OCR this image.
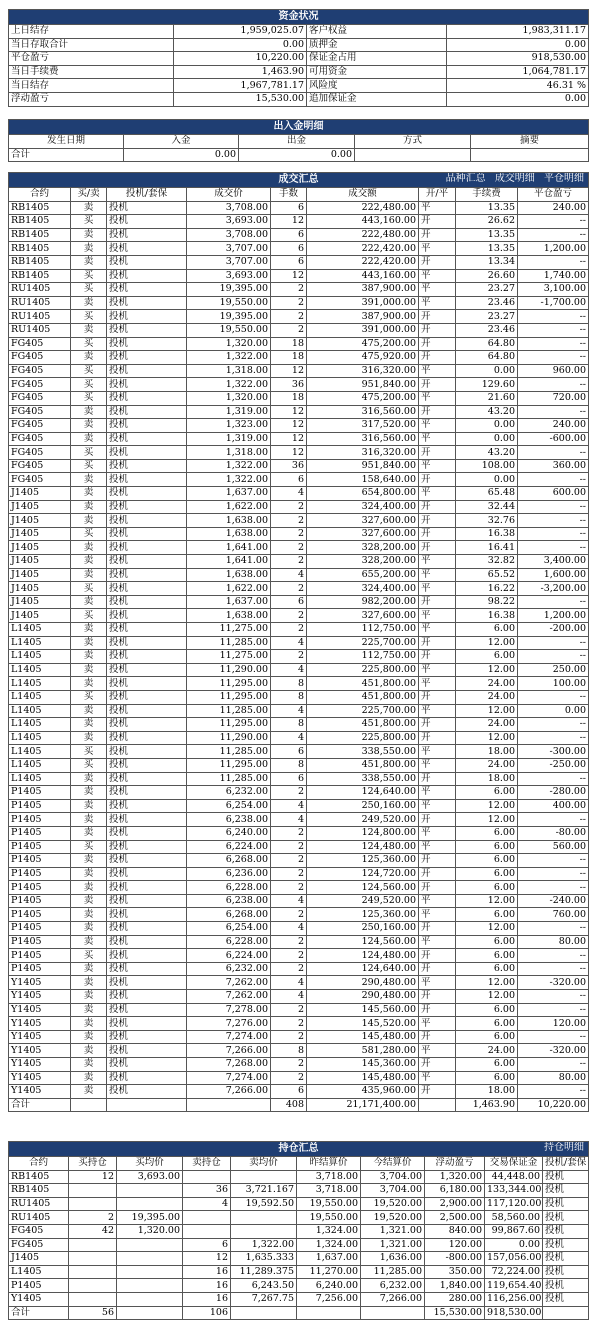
资金状况			
上日结存	1,959,025.07	客户权益	1,983,311.17
当日存取合计	0.00	质押金	0.00
平仓盈亏	10,220.00	保证金占用	918,530.00
当日手续费	1,463.90	可用资金	1,064,781.17
当日结存	1,967,781.17	风险度	46.31 %
浮动盈亏	15,530.00	追加保证金	0.00
出入金明细				
发生日期	入金	出金	方式	摘要
合计	0.00	0.00		
成交汇总 品种汇总 成交明细 平仓明细								

合约	买/卖	投机/套保	成交价	手数	成交额	开/平	手续费	平仓盈亏
RB1405	卖	投机	3,708.00	6	222,480.00	平	13.35	240.00
RB1405	买	投机	3,693.00	12	443,160.00	开	26.62	--
RB1405	卖	投机	3,708.00	6	222,480.00	开	13.35	--
RB1405	卖	投机	3,707.00	6	222,420.00	平	13.35	1,200.00
RB1405	卖	投机	3,707.00	6	222,420.00	开	13.34	--
RB1405	买	投机	3,693.00	12	443,160.00	平	26.60	1,740.00
RU1405	买	投机	19,395.00	2	387,900.00	平	23.27	3,100.00
RU1405	卖	投机	19,550.00	2	391,000.00	平	23.46	-1,700.00
RU1405	买	投机	19,395.00	2	387,900.00	开	23.27	--
RU1405	卖	投机	19,550.00	2	391,000.00	开	23.46	--
FG405	买	投机	1,320.00	18	475,200.00	开	64.80	--
FG405	卖	投机	1,322.00	18	475,920.00	开	64.80	--
FG405	买	投机	1,318.00	12	316,320.00	平	0.00	960.00
FG405	买	投机	1,322.00	36	951,840.00	开	129.60	--
FG405	买	投机	1,320.00	18	475,200.00	平	21.60	720.00
FG405	卖	投机	1,319.00	12	316,560.00	开	43.20	--
FG405	卖	投机	1,323.00	12	317,520.00	平	0.00	240.00
FG405	卖	投机	1,319.00	12	316,560.00	平	0.00	-600.00
FG405	买	投机	1,318.00	12	316,320.00	开	43.20	--
FG405	买	投机	1,322.00	36	951,840.00	平	108.00	360.00
FG405	卖	投机	1,322.00	6	158,640.00	开	0.00	--
J1405	卖	投机	1,637.00	4	654,800.00	平	65.48	600.00
J1405	卖	投机	1,622.00	2	324,400.00	开	32.44	--
J1405	卖	投机	1,638.00	2	327,600.00	开	32.76	--
J1405	买	投机	1,638.00	2	327,600.00	开	16.38	--
J1405	卖	投机	1,641.00	2	328,200.00	开	16.41	--
J1405	卖	投机	1,641.00	2	328,200.00	平	32.82	3,400.00
J1405	卖	投机	1,638.00	4	655,200.00	平	65.52	1,600.00
J1405	买	投机	1,622.00	2	324,400.00	平	16.22	-3,200.00
J1405	卖	投机	1,637.00	6	982,200.00	开	98.22	--
J1405	买	投机	1,638.00	2	327,600.00	平	16.38	1,200.00
L1405	卖	投机	11,275.00	2	112,750.00	平	6.00	-200.00
L1405	卖	投机	11,285.00	4	225,700.00	开	12.00	--
L1405	卖	投机	11,275.00	2	112,750.00	开	6.00	--
L1405	卖	投机	11,290.00	4	225,800.00	平	12.00	250.00
L1405	卖	投机	11,295.00	8	451,800.00	平	24.00	100.00
L1405	买	投机	11,295.00	8	451,800.00	开	24.00	--
L1405	卖	投机	11,285.00	4	225,700.00	平	12.00	0.00
L1405	卖	投机	11,295.00	8	451,800.00	开	24.00	--
L1405	卖	投机	11,290.00	4	225,800.00	开	12.00	--
L1405	买	投机	11,285.00	6	338,550.00	平	18.00	-300.00
L1405	买	投机	11,295.00	8	451,800.00	平	24.00	-250.00
L1405	卖	投机	11,285.00	6	338,550.00	开	18.00	--
P1405	卖	投机	6,232.00	2	124,640.00	平	6.00	-280.00
P1405	卖	投机	6,254.00	4	250,160.00	平	12.00	400.00
P1405	卖	投机	6,238.00	4	249,520.00	开	12.00	--
P1405	卖	投机	6,240.00	2	124,800.00	平	6.00	-80.00
P1405	买	投机	6,224.00	2	124,480.00	平	6.00	560.00
P1405	卖	投机	6,268.00	2	125,360.00	开	6.00	--
P1405	卖	投机	6,236.00	2	124,720.00	开	6.00	--
P1405	卖	投机	6,228.00	2	124,560.00	开	6.00	--
P1405	卖	投机	6,238.00	4	249,520.00	平	12.00	-240.00
P1405	卖	投机	6,268.00	2	125,360.00	平	6.00	760.00
P1405	卖	投机	6,254.00	4	250,160.00	开	12.00	--
P1405	卖	投机	6,228.00	2	124,560.00	平	6.00	80.00
P1405	买	投机	6,224.00	2	124,480.00	开	6.00	--
P1405	卖	投机	6,232.00	2	124,640.00	开	6.00	--
Y1405	卖	投机	7,262.00	4	290,480.00	平	12.00	-320.00
Y1405	卖	投机	7,262.00	4	290,480.00	开	12.00	--
Y1405	卖	投机	7,278.00	2	145,560.00	开	6.00	--
Y1405	卖	投机	7,276.00	2	145,520.00	平	6.00	120.00
Y1405	卖	投机	7,274.00	2	145,480.00	开	6.00	--
Y1405	卖	投机	7,266.00	8	581,280.00	平	24.00	-320.00
Y1405	卖	投机	7,268.00	2	145,360.00	开	6.00	--
Y1405	卖	投机	7,274.00	2	145,480.00	平	6.00	80.00
Y1405	卖	投机	7,266.00	6	435,960.00	开	18.00	--
合计				408	21,171,400.00		1,463.90	10,220.00
持仓汇总 持仓明细									

合约	买持仓	买均价	卖持仓	卖均价	昨结算价	今结算价	浮动盈亏	交易保证金	投机/套保
RB1405	12	3,693.00			3,718.00	3,704.00	1,320.00	44,448.00	投机
RB1405			36	3,721.167	3,718.00	3,704.00	6,180.00	133,344.00	投机
RU1405			4	19,592.50	19,550.00	19,520.00	2,900.00	117,120.00	投机
RU1405	2	19,395.00			19,550.00	19,520.00	2,500.00	58,560.00	投机
FG405	42	1,320.00			1,324.00	1,321.00	840.00	99,867.60	投机
FG405			6	1,322.00	1,324.00	1,321.00	120.00	0.00	投机
J1405			12	1,635.333	1,637.00	1,636.00	-800.00	157,056.00	投机
L1405			16	11,289.375	11,270.00	11,285.00	350.00	72,224.00	投机
P1405			16	6,243.50	6,240.00	6,232.00	1,840.00	119,654.40	投机
Y1405			16	7,267.75	7,256.00	7,266.00	280.00	116,256.00	投机
合计	56		106				15,530.00	918,530.00	
